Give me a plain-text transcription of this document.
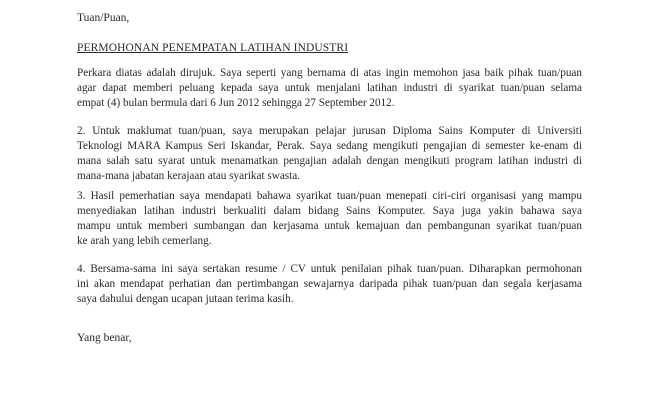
Tuan/Puan,
PERMOHONAN PENEMPATAN LATIHAN INDUSTRI
Perkara diatas adalah dirujuk. Saya seperti yang bernama di atas ingin memohon jasa baik pihak tuan/puan
agar dapat memberi peluang kepada saya untuk menjalani latihan industri di syarikat tuan/puan selama
empat (4) bulan bermula dari 6 Jun 2012 sehingga 27 September 2012.
2. Untuk maklumat tuan/puan, saya merupakan pelajar jurusan Diploma Sains Komputer di Universiti
Teknologi MARA Kampus Seri Iskandar, Perak. Saya sedang mengikuti pengajian di semester ke-enam di
mana salah satu syarat untuk menamatkan pengajian adalah dengan mengikuti program latihan industri di
mana-mana jabatan kerajaan atau syarikat swasta.
3. Hasil pemerhatian saya mendapati bahawa syarikat tuan/puan menepati ciri-ciri organisasi yang mampu
menyediakan latihan industri berkualiti dalam bidang Sains Komputer. Saya juga yakin bahawa saya
mampu untuk memberi sumbangan dan kerjasama untuk kemajuan dan pembangunan syarikat tuan/puan
ke arah yang lebih cemerlang.
4. Bersama-sama ini saya sertakan resume / CV untuk penilaian pihak tuan/puan. Diharapkan permohonan
ini akan mendapat perhatian dan pertimbangan sewajarnya daripada pihak tuan/puan dan segala kerjasama
saya dahului dengan ucapan jutaan terima kasih.
Yang benar,
